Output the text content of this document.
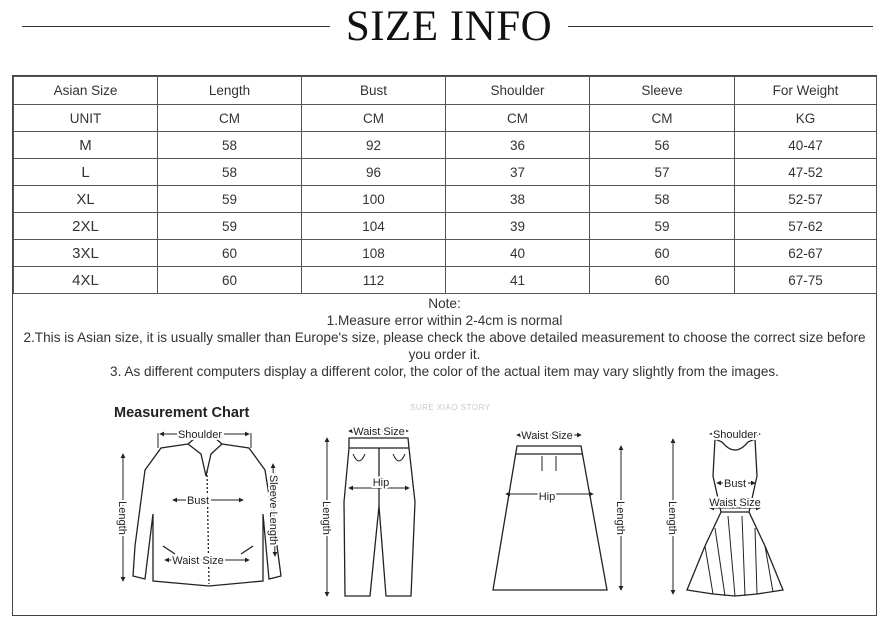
SIZE INFO
Asian Size	Length	Bust	Shoulder	Sleeve	For Weight
UNIT	CM	CM	CM	CM	KG
M	58	92	36	56	40-47
L	58	96	37	57	47-52
XL	59	100	38	58	52-57
2XL	59	104	39	59	57-62
3XL	60	108	40	60	62-67
4XL	60	112	41	60	67-75
Note:
1.Measure error within 2-4cm is normal
2.This is Asian size, it is usually smaller than Europe's size, please check the above detailed measurement to choose the correct size before you order it.
3. As different computers display a different color, the color of the actual item may vary slightly from the images.
Measurement Chart	SURE XIAO STORY
Shoulder
Bust
Waist Size
Length	Sleeve Length
Waist Size
Hip
Length
Waist Size
Hip
Length
Shoulder
Bust
Waist Size
Length
